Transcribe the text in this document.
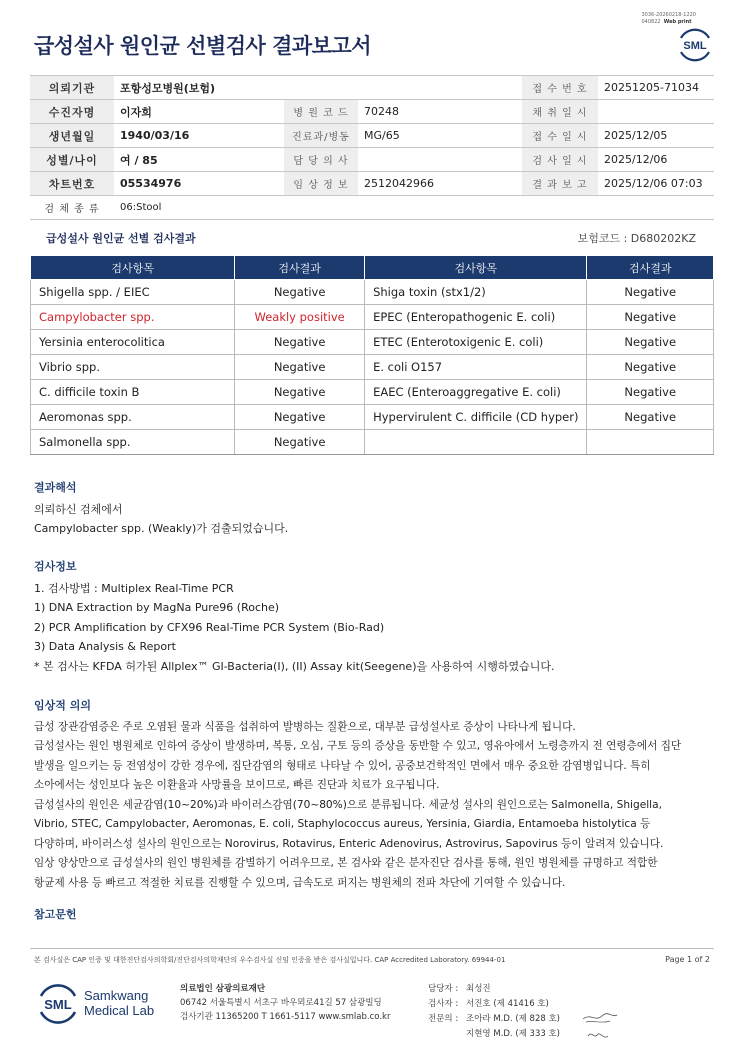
3036-20260218-1220
040822 Web print
급성설사 원인균 선별검사 결과보고서	SML
의뢰기관	포항성모병원(보험)			접 수 번 호	20251205-71034
수진자명	이자희	병 원 코 드	70248	채 취 일 시	
생년월일	1940/03/16	진료과/병동	MG/65	접 수 일 시	2025/12/05
성별/나이	여 / 85	담 당 의 사		검 사 일 시	2025/12/06
차트번호	05534976	임 상 정 보	2512042966	결 과 보 고	2025/12/06 07:03
검 체 종 류	06:Stool				
급성설사 원인균 선별 검사결과	보험코드 : D680202KZ
검사항목	검사결과	검사항목	검사결과
Shigella spp. / EIEC	Negative	Shiga toxin (stx1/2)	Negative
Campylobacter spp.	Weakly positive	EPEC (Enteropathogenic E. coli)	Negative
Yersinia enterocolitica	Negative	ETEC (Enterotoxigenic E. coli)	Negative
Vibrio spp.	Negative	E. coli O157	Negative
C. difficile toxin B	Negative	EAEC (Enteroaggregative E. coli)	Negative
Aeromonas spp.	Negative	Hypervirulent C. difficile (CD hyper)	Negative
Salmonella spp.	Negative		
결과해석
의뢰하신 검체에서
Campylobacter spp. (Weakly)가 검출되었습니다.
검사정보
1. 검사방법 : Multiplex Real-Time PCR
1) DNA Extraction by MagNa Pure96 (Roche)
2) PCR Amplification by CFX96 Real-Time PCR System (Bio-Rad)
3) Data Analysis & Report
* 본 검사는 KFDA 허가된 Allplex™ GI-Bacteria(I), (II) Assay kit(Seegene)을 사용하여 시행하였습니다.
임상적 의의
급성 장관감염증은 주로 오염된 물과 식품을 섭취하여 발병하는 질환으로, 대부분 급성설사로 증상이 나타나게 됩니다.
급성설사는 원인 병원체로 인하여 증상이 발생하며, 복통, 오심, 구토 등의 증상을 동반할 수 있고, 영유아에서 노령층까지 전 연령층에서 집단
발생을 일으키는 등 전염성이 강한 경우에, 집단감염의 형태로 나타날 수 있어, 공중보건학적인 면에서 매우 중요한 감염병입니다. 특히
소아에서는 성인보다 높은 이환율과 사망률을 보이므로, 빠른 진단과 치료가 요구됩니다.
급성설사의 원인은 세균감염(10~20%)과 바이러스감염(70~80%)으로 분류됩니다. 세균성 설사의 원인으로는 Salmonella, Shigella,
Vibrio, STEC, Campylobacter, Aeromonas, E. coli, Staphylococcus aureus, Yersinia, Giardia, Entamoeba histolytica 등
다양하며, 바이러스성 설사의 원인으로는 Norovirus, Rotavirus, Enteric Adenovirus, Astrovirus, Sapovirus 등이 알려져 있습니다.
임상 양상만으로 급성설사의 원인 병원체를 감별하기 어려우므로, 본 검사와 같은 분자진단 검사를 통해, 원인 병원체를 규명하고 적합한
항균제 사용 등 빠르고 적절한 치료를 진행할 수 있으며, 급속도로 퍼지는 병원체의 전파 차단에 기여할 수 있습니다.
참고문헌
본 검사실은 CAP 인증 및 대한진단검사의학회/진단검사의학재단의 우수검사실 신임 인증을 받은 검사실입니다. CAP Accredited Laboratory. 69944-01	Page 1 of 2
SML
Samkwang
Medical Lab
의료법인 삼광의료재단
06742 서울특별시 서초구 바우뫼로41길 57 삼광빌딩
검사기관 11365200 T 1661-5117 www.smlab.co.kr
담당자 : 최성진
검사자 : 서진호 (제 41416 호)
전문의 : 조아라 M.D. (제 828 호)
지현영 M.D. (제 333 호)
